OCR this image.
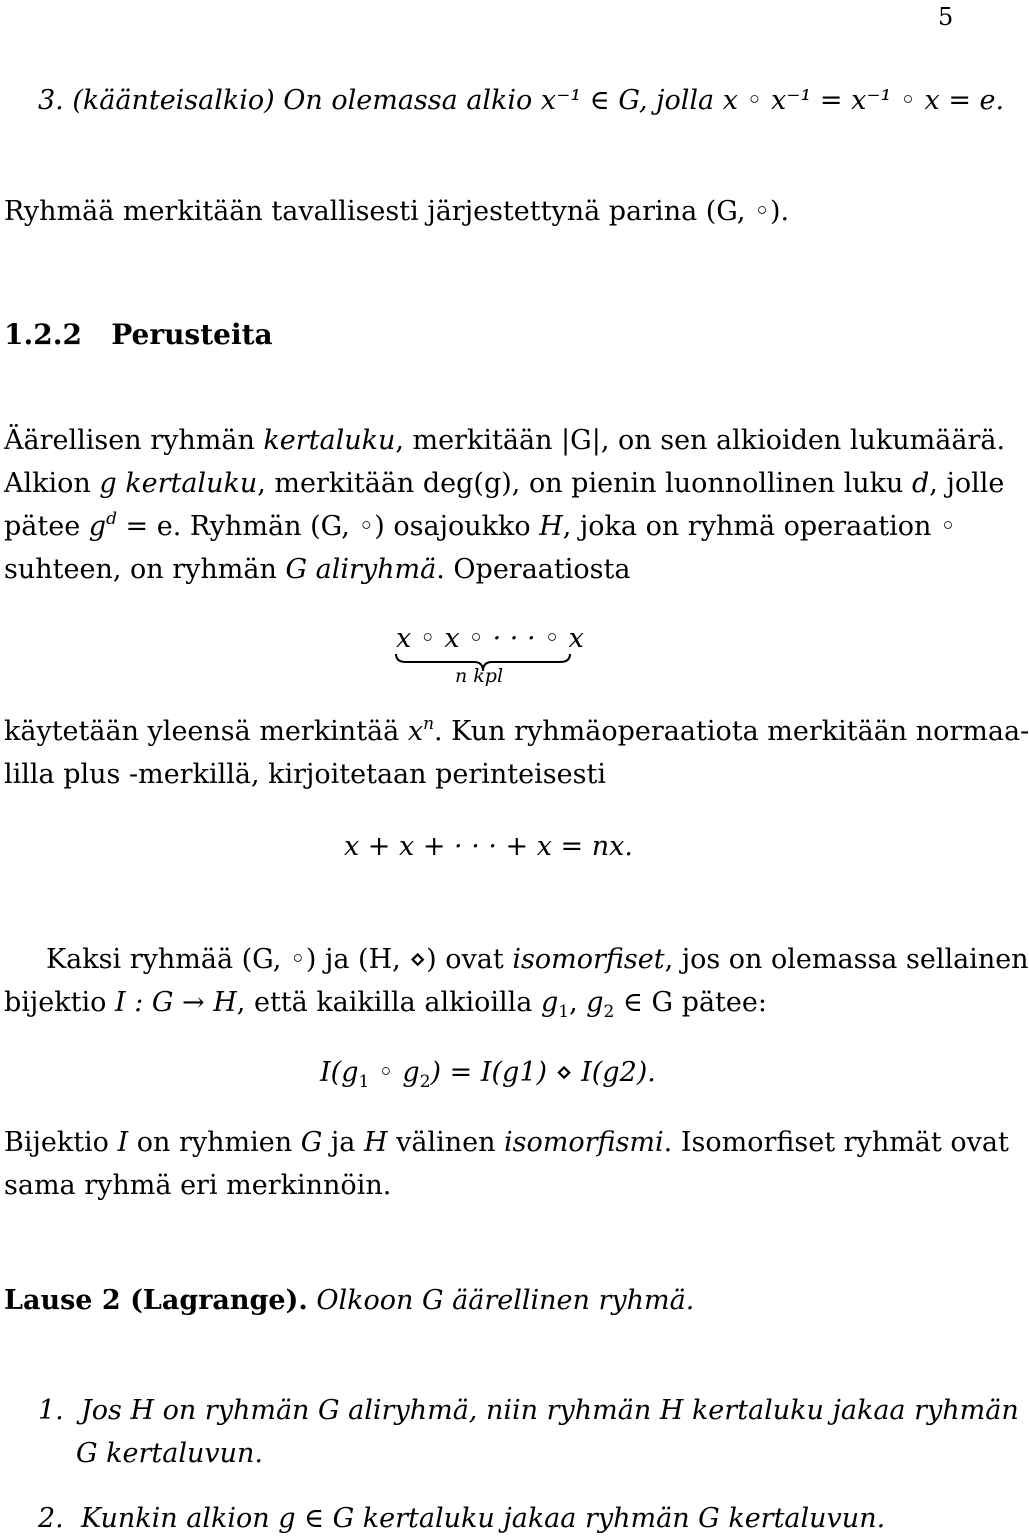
5
3. (käänteisalkio) On olemassa alkio x⁻¹ ∈ G, jolla x ◦ x⁻¹ = x⁻¹ ◦ x = e.
Ryhmää merkitään tavallisesti järjestettynä parina (G, ◦).
1.2.2 Perusteita
Äärellisen ryhmän kertaluku, merkitään |G|, on sen alkioiden lukumäärä.
Alkion g kertaluku, merkitään deg(g), on pienin luonnollinen luku d, jolle
pätee $g^d = e$. Ryhmän (G, ◦) osajoukko H, joka on ryhmä operaation ◦
suhteen, on ryhmän G aliryhmä. Operaatiosta
x ◦ x ◦ · · · ◦ x
n kpl
käytetään yleensä merkintää $x^n$. Kun ryhmäoperaatiota merkitään normaa-
lilla plus -merkillä, kirjoitetaan perinteisesti
x + x + · · · + x = nx.
Kaksi ryhmää (G, ◦) ja (H, ⋄) ovat isomorfiset, jos on olemassa sellainen
bijektio I : G → H, että kaikilla alkioilla $g_1$, $g_2$ ∈ G pätee:
$I(g_1$ ◦ $g_2) = I(g1)$ ⋄ I(g2).
Bijektio I on ryhmien G ja H välinen isomorfismi. Isomorfiset ryhmät ovat
sama ryhmä eri merkinnöin.
Lause 2 (Lagrange). Olkoon G äärellinen ryhmä.
1. Jos H on ryhmän G aliryhmä, niin ryhmän H kertaluku jakaa ryhmän
G kertaluvun.
2. Kunkin alkion g ∈ G kertaluku jakaa ryhmän G kertaluvun.
